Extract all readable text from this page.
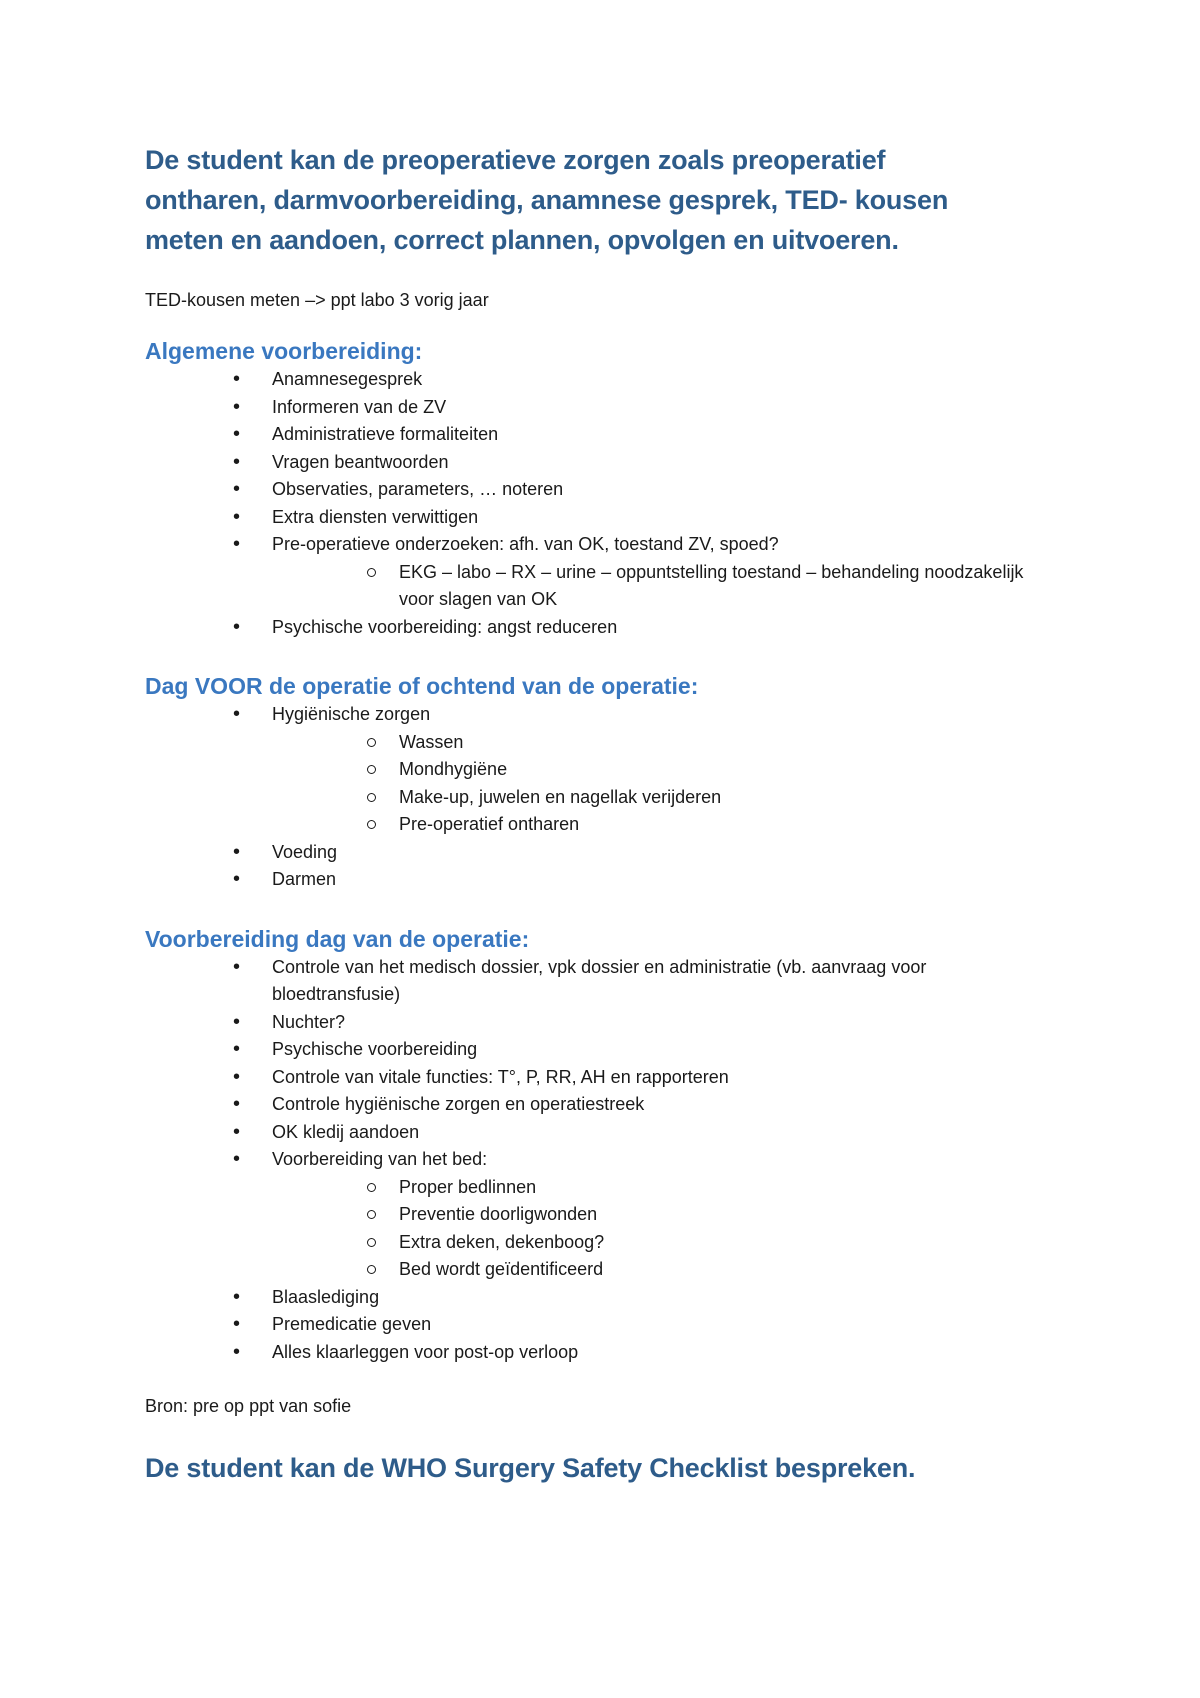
De student kan de preoperatieve zorgen zoals preoperatief
ontharen, darmvoorbereiding, anamnese gesprek, TED- kousen
meten en aandoen, correct plannen, opvolgen en uitvoeren.

TED-kousen meten –> ppt labo 3 vorig jaar

Algemene voorbereiding:
• Anamnesegesprek
• Informeren van de ZV
• Administratieve formaliteiten
• Vragen beantwoorden
• Observaties, parameters, … noteren
• Extra diensten verwittigen
• Pre-operatieve onderzoeken: afh. van OK, toestand ZV, spoed?
EKG – labo – RX – urine – oppuntstelling toestand – behandeling noodzakelijk voor slagen van OK
• Psychische voorbereiding: angst reduceren
Dag VOOR de operatie of ochtend van de operatie:
• Hygiënische zorgen
Wassen
Mondhygiëne
Make-up, juwelen en nagellak verijderen
Pre-operatief ontharen
• Voeding
• Darmen
Voorbereiding dag van de operatie:
• Controle van het medisch dossier, vpk dossier en administratie (vb. aanvraag voor bloedtransfusie)
• Nuchter?
• Psychische voorbereiding
• Controle van vitale functies: T°, P, RR, AH en rapporteren
• Controle hygiënische zorgen en operatiestreek
• OK kledij aandoen
• Voorbereiding van het bed:
Proper bedlinnen
Preventie doorligwonden
Extra deken, dekenboog?
Bed wordt geïdentificeerd
• Blaaslediging
• Premedicatie geven
• Alles klaarleggen voor post-op verloop
Bron: pre op ppt van sofie
De student kan de WHO Surgery Safety Checklist bespreken.
